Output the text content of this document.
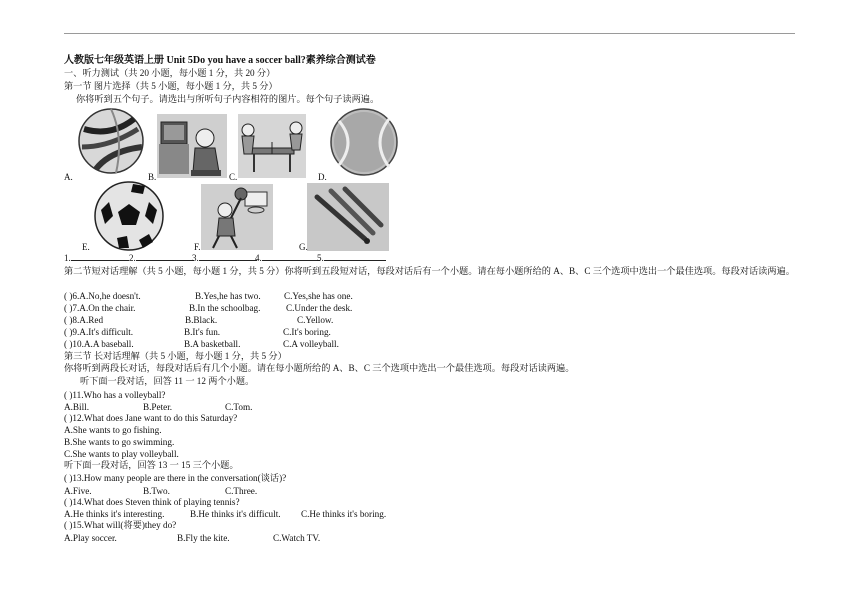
人教版七年级英语上册 Unit 5Do you have a soccer ball?素养综合测试卷
一、听力测试（共 20 小题，每小题 1 分，共 20 分）
第一节 图片选择（共 5 小题，每小题 1 分，共 5 分）
你将听到五个句子。请选出与所听句子内容相符的图片。每个句子读两遍。
A.	B.	C.	D.
E.	F.	G.
1.	2.	3.	4.	5.
第二节短对话理解（共 5 小题，每小题 1 分，共 5 分）你将听到五段短对话，每段对话后有一个小题。请在每小题所给的 A、B、C 三个选项中选出一个最佳选项。每段对话读两遍。
( )6.A.No,he doesn't.	B.Yes,he has two.	C.Yes,she has one.
( )7.A.On the chair.	B.In the schoolbag.	C.Under the desk.
( )8.A.Red	B.Black.	C.Yellow.
( )9.A.It's difficult.	B.It's fun.	C.It's boring.
( )10.A.A baseball.	B.A basketball.	C.A volleyball.
第三节 长对话理解（共 5 小题，每小题 1 分，共 5 分）
你将听到两段长对话，每段对话后有几个小题。请在每小题所给的 A、B、C 三个选项中选出一个最佳选项。每段对话读两遍。
听下面一段对话，回答 11 一 12 两个小题。
( )11.Who has a volleyball?
A.Bill.	B.Peter.	C.Tom.
( )12.What does Jane want to do this Saturday?
A.She wants to go fishing.
B.She wants to go swimming.
C.She wants to play volleyball.
听下面一段对话，回答 13 一 15 三个小题。
( )13.How many people are there in the conversation(谈话)?
A.Five.	B.Two.	C.Three.
( )14.What does Steven think of playing tennis?
A.He thinks it's interesting.	B.He thinks it's difficult. C.He thinks it's boring.
( )15.What will(将要)they do?
A.Play soccer.	B.Fly the kite.	C.Watch TV.
